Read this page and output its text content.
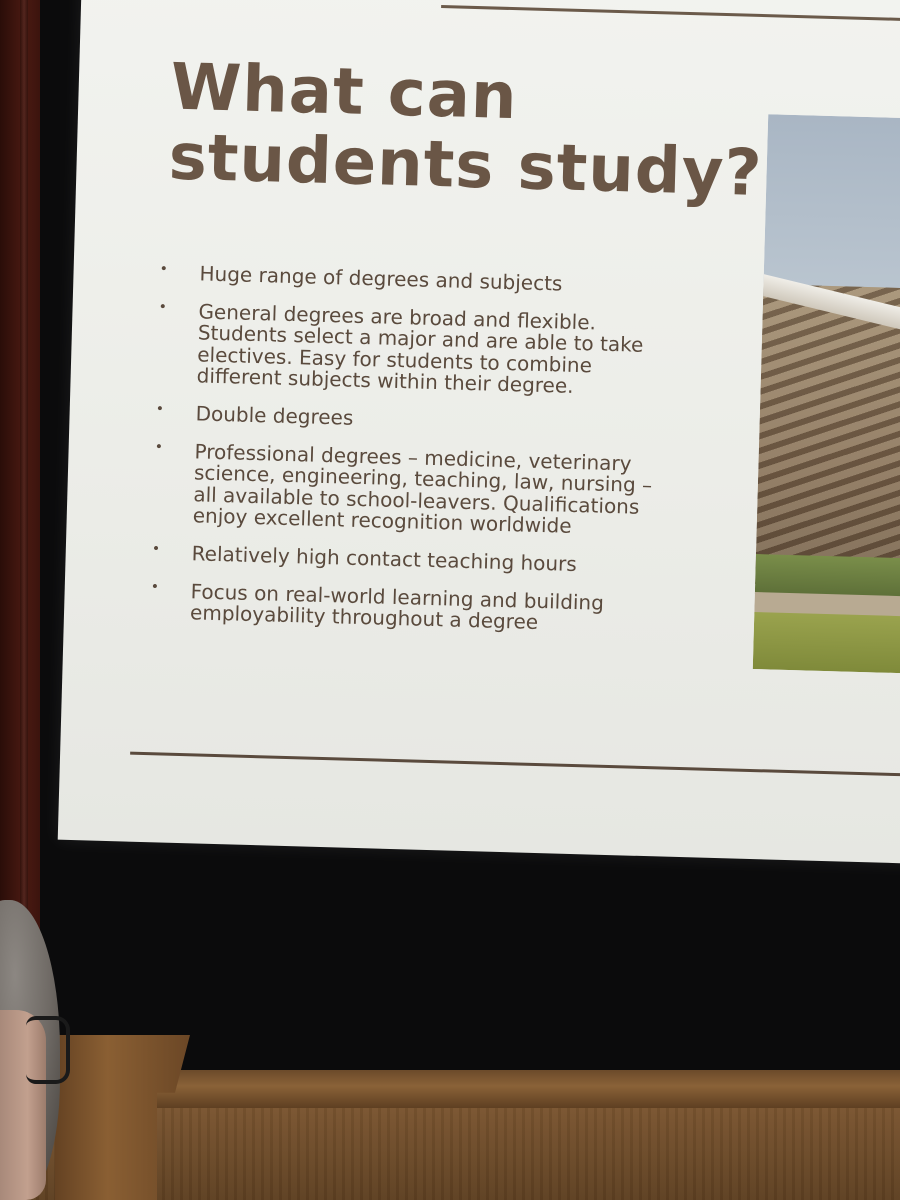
What can
students study?
• Huge range of degrees and subjects
• General degrees are broad and flexible. Students select a major and are able to take electives. Easy for students to combine different subjects within their degree.
• Double degrees
• Professional degrees – medicine, veterinary science, engineering, teaching, law, nursing – all available to school-leavers. Qualifications enjoy excellent recognition worldwide
• Relatively high contact teaching hours
• Focus on real-world learning and building employability throughout a degree
